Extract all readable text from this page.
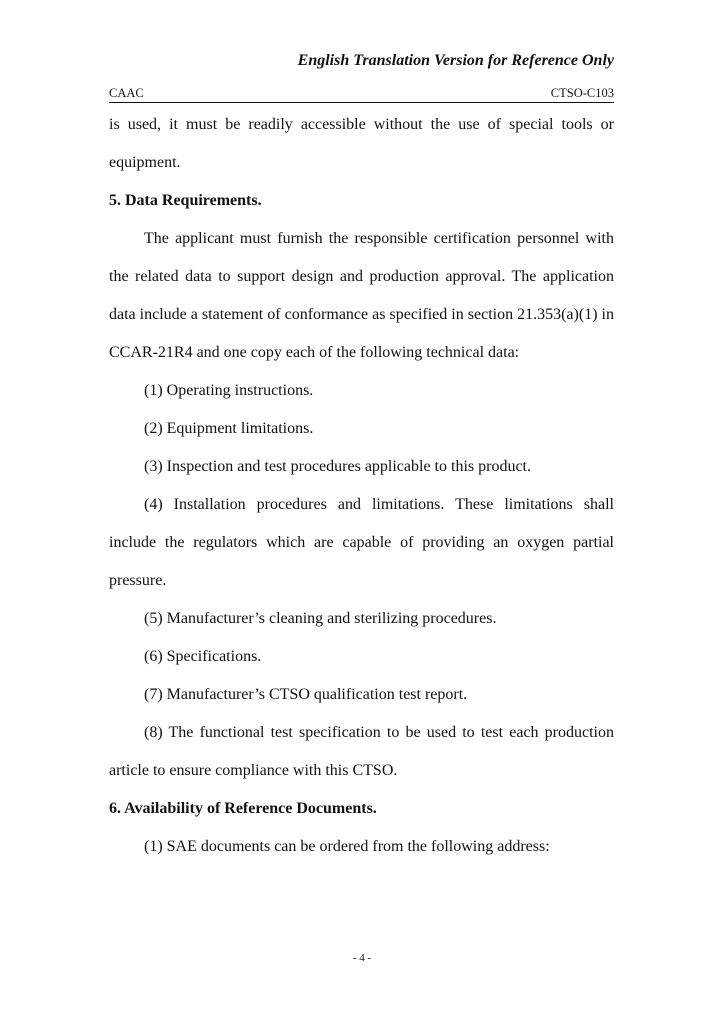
English Translation Version for Reference Only
CAAC	CTSO-C103

is used, it must be readily accessible without the use of special tools or equipment.

5. Data Requirements.

The applicant must furnish the responsible certification personnel with the related data to support design and production approval. The application data include a statement of conformance as specified in section 21.353(a)(1) in CCAR-21R4 and one copy each of the following technical data:

(1) Operating instructions.

(2) Equipment limitations.

(3) Inspection and test procedures applicable to this product.

(4) Installation procedures and limitations. These limitations shall include the regulators which are capable of providing an oxygen partial pressure.

(5) Manufacturer’s cleaning and sterilizing procedures.

(6) Specifications.

(7) Manufacturer’s CTSO qualification test report.

(8) The functional test specification to be used to test each production article to ensure compliance with this CTSO.

6. Availability of Reference Documents.

(1) SAE documents can be ordered from the following address:

- 4 -
